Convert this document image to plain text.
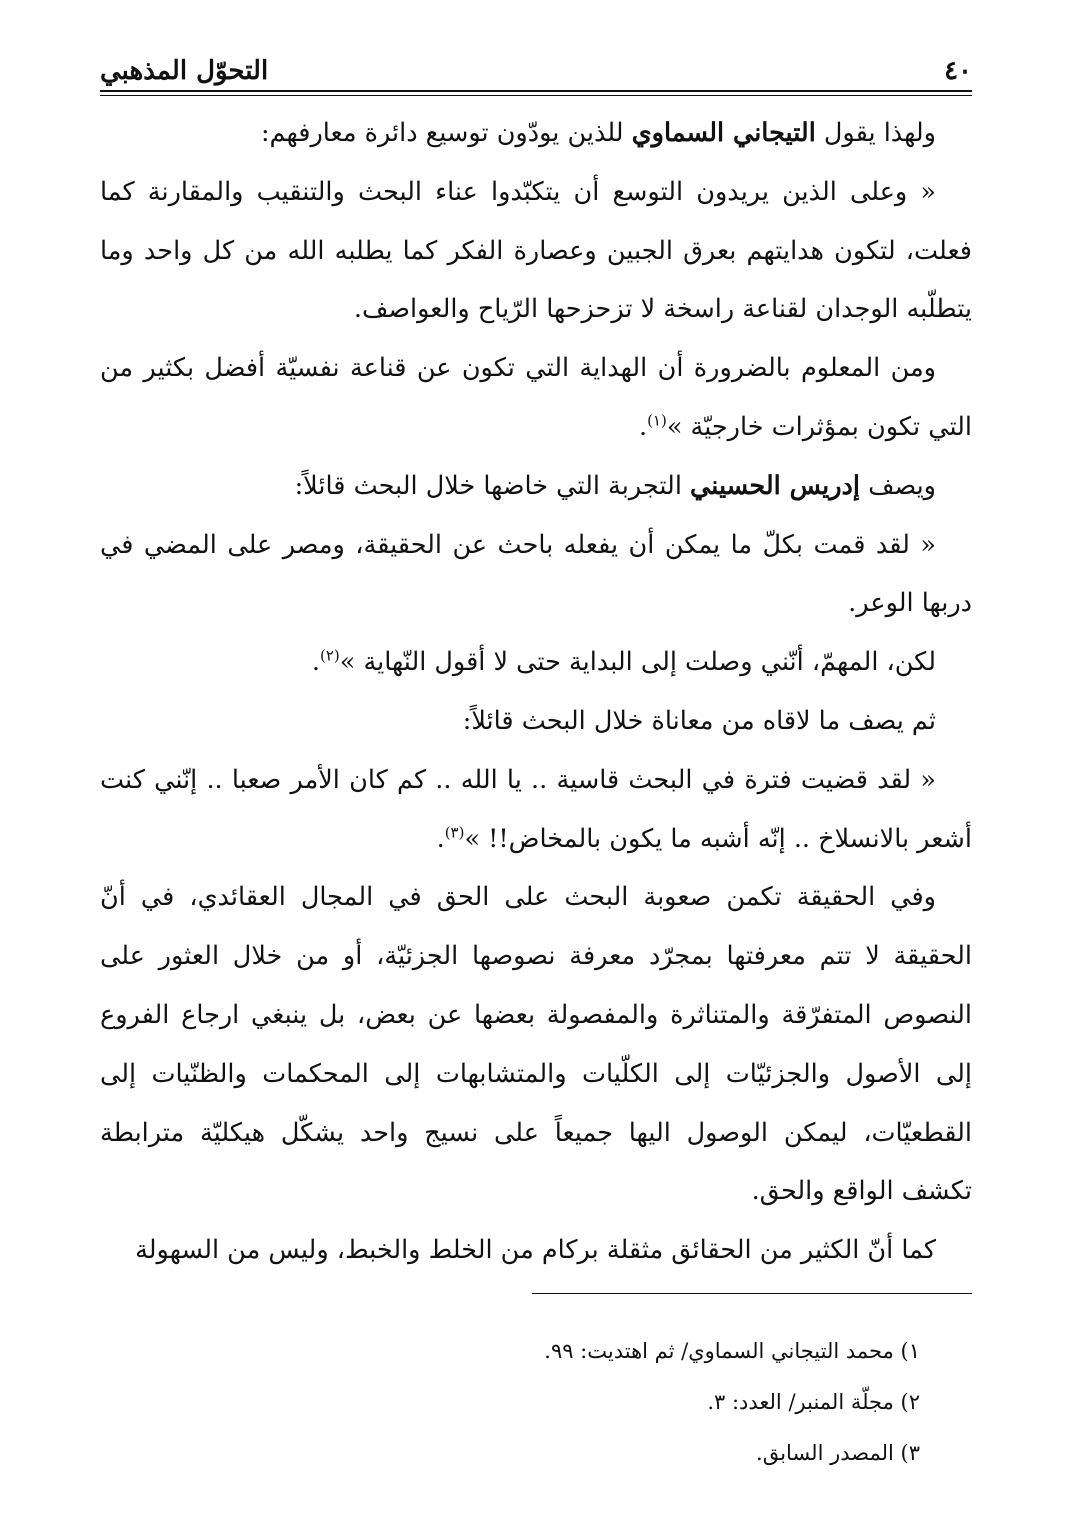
٤٠
التحوّل المذهبي

ولهذا يقول التيجاني السماوي للذين يودّون توسيع دائرة معارفهم:

« وعلى الذين يريدون التوسع أن يتكبّدوا عناء البحث والتنقيب والمقارنة كما فعلت، لتكون هدايتهم بعرق الجبين وعصارة الفكر كما يطلبه الله من كل واحد وما يتطلّبه الوجدان لقناعة راسخة لا تزحزحها الرّياح والعواصف.

ومن المعلوم بالضرورة أن الهداية التي تكون عن قناعة نفسيّة أفضل بكثير من التي تكون بمؤثرات خارجيّة »$^{(١)}$.

ويصف إدريس الحسيني التجربة التي خاضها خلال البحث قائلاً:

« لقد قمت بكلّ ما يمكن أن يفعله باحث عن الحقيقة، ومصر على المضي في دربها الوعر.

لكن، المهمّ، أنّني وصلت إلى البداية حتى لا أقول النّهاية »$^{(٢)}$.

ثم يصف ما لاقاه من معاناة خلال البحث قائلاً:

« لقد قضيت فترة في البحث قاسية .. يا الله .. كم كان الأمر صعبا .. إنّني كنت أشعر بالانسلاخ .. إنّه أشبه ما يكون بالمخاض!! »$^{(٣)}$.

وفي الحقيقة تكمن صعوبة البحث على الحق في المجال العقائدي، في أنّ الحقيقة لا تتم معرفتها بمجرّد معرفة نصوصها الجزئيّة، أو من خلال العثور على النصوص المتفرّقة والمتناثرة والمفصولة بعضها عن بعض، بل ينبغي ارجاع الفروع إلى الأصول والجزئيّات إلى الكلّيات والمتشابهات إلى المحكمات والظنّيات إلى القطعيّات، ليمكن الوصول اليها جميعاً على نسيج واحد يشكّل هيكليّة مترابطة تكشف الواقع والحق.

كما أنّ الكثير من الحقائق مثقلة بركام من الخلط والخبط، وليس من السهولة

١) محمد التيجاني السماوي/ ثم اهتديت: ٩٩.

٢) مجلّة المنبر/ العدد: ٣.

٣) المصدر السابق.
